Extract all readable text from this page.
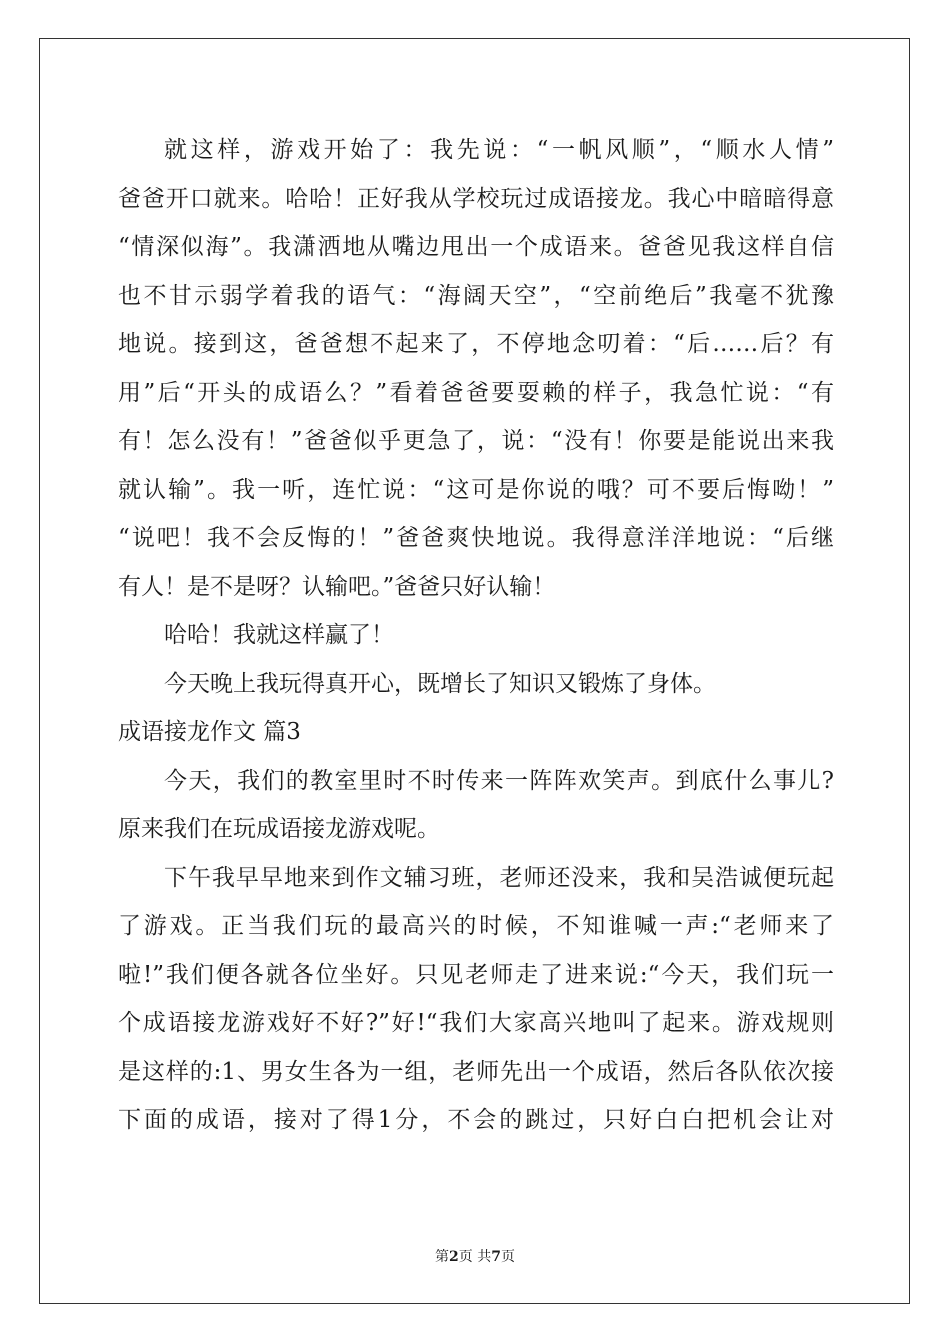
就这样，游戏开始了：我先说：“一帆风顺”，“顺水人情”
爸爸开口就来。哈哈！正好我从学校玩过成语接龙。我心中暗暗得意
“情深似海”。我潇洒地从嘴边甩出一个成语来。爸爸见我这样自信
也不甘示弱学着我的语气：“海阔天空”，“空前绝后”我毫不犹豫
地说。接到这，爸爸想不起来了，不停地念叨着：“后……后？有
用”后“开头的成语么？”看着爸爸要耍赖的样子，我急忙说：“有
有！怎么没有！”爸爸似乎更急了，说：“没有！你要是能说出来我
就认输”。我一听，连忙说：“这可是你说的哦？可不要后悔呦！”
“说吧！我不会反悔的！”爸爸爽快地说。我得意洋洋地说：“后继
有人！是不是呀？认输吧。”爸爸只好认输！
哈哈！我就这样赢了！
今天晚上我玩得真开心，既增长了知识又锻炼了身体。
成语接龙作文 篇3
今天，我们的教室里时不时传来一阵阵欢笑声。到底什么事儿?
原来我们在玩成语接龙游戏呢。
下午我早早地来到作文辅习班，老师还没来，我和吴浩诚便玩起
了游戏。正当我们玩的最高兴的时候，不知谁喊一声:“老师来了
啦!”我们便各就各位坐好。只见老师走了进来说:“今天，我们玩一
个成语接龙游戏好不好?”好!“我们大家高兴地叫了起来。游戏规则
是这样的:1、男女生各为一组，老师先出一个成语，然后各队依次接
下面的成语，接对了得1分，不会的跳过，只好白白把机会让对
第2页 共7页
